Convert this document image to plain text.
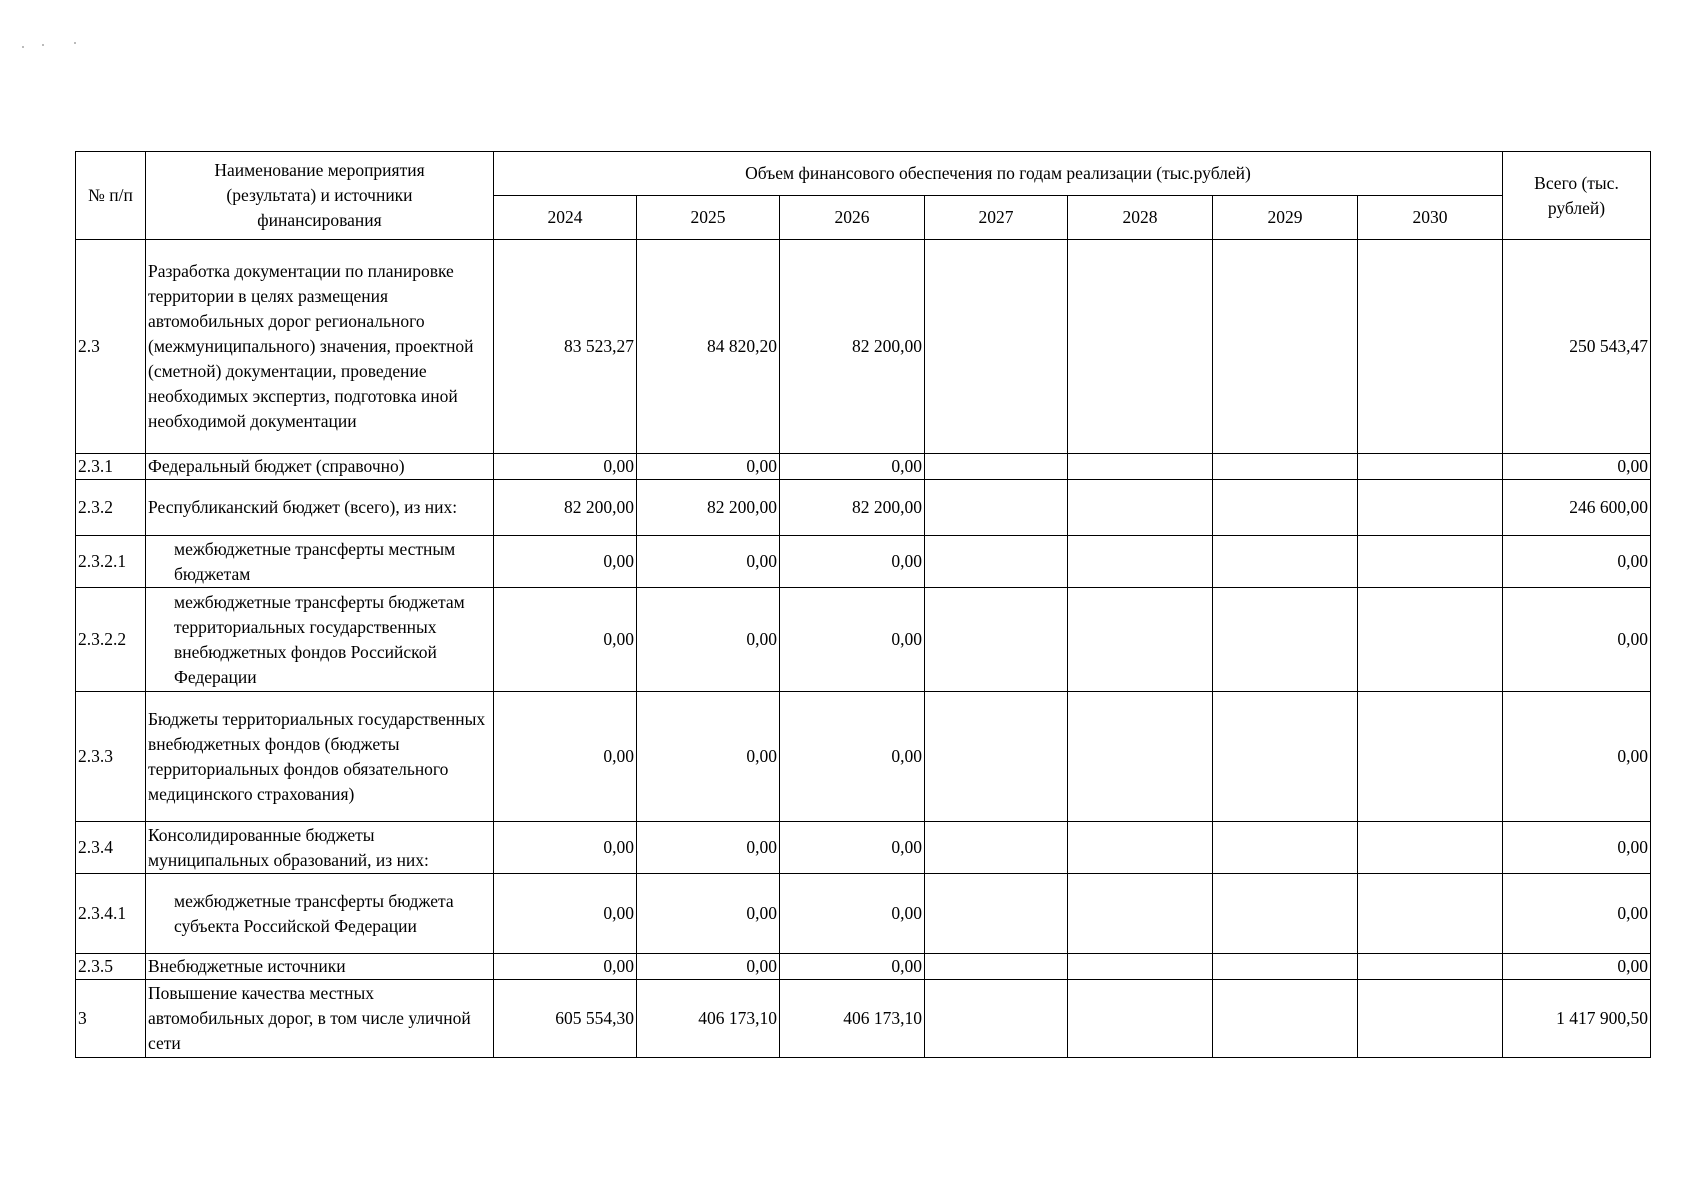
№ п/п	Наименование мероприятия (результата) и источники финансирования	Объем финансового обеспечения по годам реализации (тыс.рублей)							Всего (тыс. рублей)
		2024	2025	2026	2027	2028	2029	2030	
2.3	Разработка документации по планировке территории в целях размещения автомобильных дорог регионального (межмуниципального) значения, проектной (сметной) документации, проведение необходимых экспертиз, подготовка иной необходимой документации	83 523,27	84 820,20	82 200,00					250 543,47
2.3.1	Федеральный бюджет (справочно)	0,00	0,00	0,00					0,00
2.3.2	Республиканский бюджет (всего), из них:	82 200,00	82 200,00	82 200,00					246 600,00
2.3.2.1	межбюджетные трансферты местным бюджетам	0,00	0,00	0,00					0,00
2.3.2.2	межбюджетные трансферты бюджетам территориальных государственных внебюджетных фондов Российской Федерации	0,00	0,00	0,00					0,00
2.3.3	Бюджеты территориальных государственных внебюджетных фондов (бюджеты территориальных фондов обязательного медицинского страхования)	0,00	0,00	0,00					0,00
2.3.4	Консолидированные бюджеты муниципальных образований, из них:	0,00	0,00	0,00					0,00
2.3.4.1	межбюджетные трансферты бюджета субъекта Российской Федерации	0,00	0,00	0,00					0,00
2.3.5	Внебюджетные источники	0,00	0,00	0,00					0,00
3	Повышение качества местных автомобильных дорог, в том числе уличной сети	605 554,30	406 173,10	406 173,10					1 417 900,50
